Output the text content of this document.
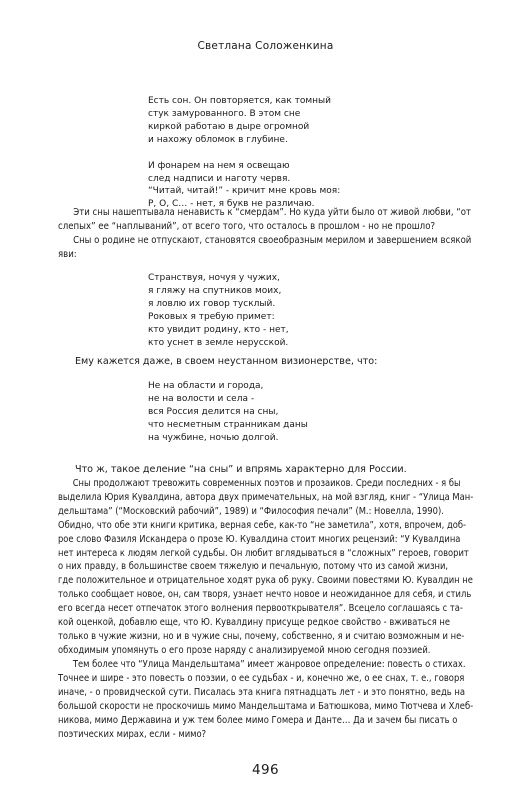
Светлана Соложенкина
Есть сон. Он повторяется, как томный
стук замурованного. В этом сне
киркой работаю в дыре огромной
и нахожу обломок в глубине.
И фонарем на нем я освещаю
след надписи и наготу червя.
“Читай, читай!” - кричит мне кровь моя:
Р, О, С… - нет, я букв не различаю.
Эти сны нашептывала ненависть к “смердам”. Но куда уйти было от живой любви, “от
слепых” ее “наплываний”, от всего того, что осталось в прошлом - но не прошло?
Сны о родине не отпускают, становятся своеобразным мерилом и завершением всякой
яви:
Странствуя, ночуя у чужих,
я гляжу на спутников моих,
я ловлю их говор тусклый.
Роковых я требую примет:
кто увидит родину, кто - нет,
кто уснет в земле нерусской.
Ему кажется даже, в своем неустанном визионерстве, что:
Не на области и города,
не на волости и села -
вся Россия делится на сны,
что несметным странникам даны
на чужбине, ночью долгой.
Что ж, такое деление “на сны” и впрямь характерно для России.
Сны продолжают тревожить современных поэтов и прозаиков. Среди последних - я бы
выделила Юрия Кувалдина, автора двух примечательных, на мой взгляд, книг - “Улица Ман-
дельштама” (“Московский рабочий”, 1989) и “Философия печали” (М.: Новелла, 1990).
Обидно, что обе эти книги критика, верная себе, как-то “не заметила”, хотя, впрочем, доб-
рое слово Фазиля Искандера о прозе Ю. Кувалдина стоит многих рецензий: “У Кувалдина
нет интереса к людям легкой судьбы. Он любит вглядываться в “сложных” героев, говорит
о них правду, в большинстве своем тяжелую и печальную, потому что из самой жизни,
где положительное и отрицательное ходят рука об руку. Своими повестями Ю. Кувалдин не
только сообщает новое, он, сам творя, узнает нечто новое и неожиданное для себя, и стиль
его всегда несет отпечаток этого волнения первооткрывателя”. Всецело соглашаясь с та-
кой оценкой, добавлю еще, что Ю. Кувалдину присуще редкое свойство - вживаться не
только в чужие жизни, но и в чужие сны, почему, собственно, я и считаю возможным и не-
обходимым упомянуть о его прозе наряду с анализируемой мною сегодня поэзией.
Тем более что “Улица Мандельштама” имеет жанровое определение: повесть о стихах.
Точнее и шире - это повесть о поэзии, о ее судьбах - и, конечно же, о ее снах, т. е., говоря
иначе, - о провидческой сути. Писалась эта книга пятнадцать лет - и это понятно, ведь на
большой скорости не проскочишь мимо Мандельштама и Батюшкова, мимо Тютчева и Хлеб-
никова, мимо Державина и уж тем более мимо Гомера и Данте… Да и зачем бы писать о
поэтических мирах, если - мимо?
496
